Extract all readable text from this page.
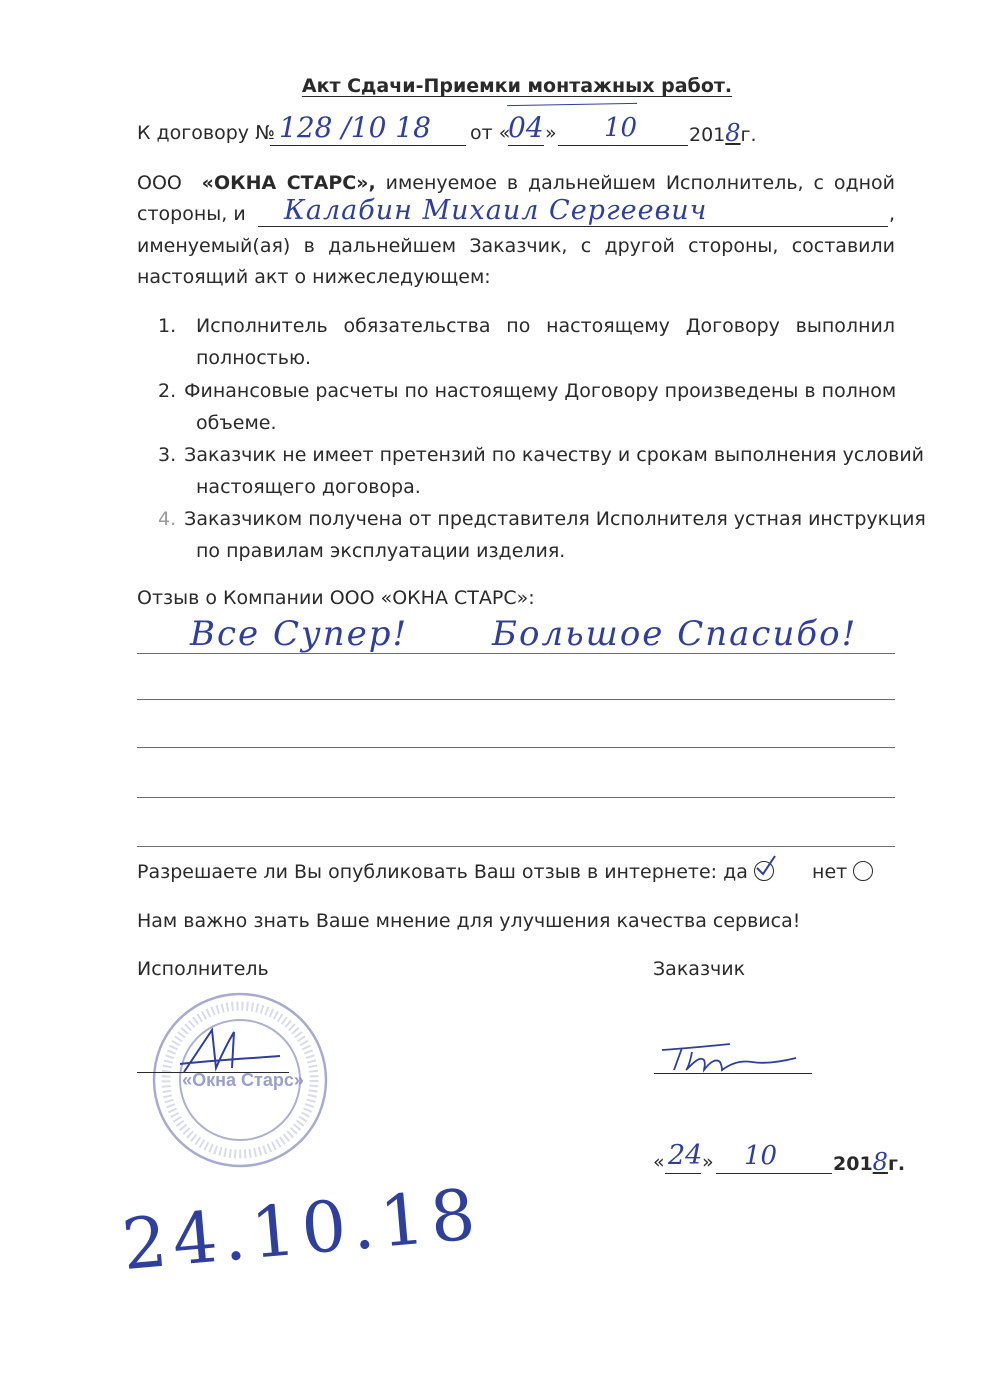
Акт Сдачи-Приемки монтажных работ.
К договору № 128 /10 18 от «
04 » 10	2018г.
ООО «ОКНА СТАРС», именуемое в дальнейшем Исполнитель, с одной
стороны, и Калабин Михаил Сергеевич	,
именуемый(ая) в дальнейшем Заказчик, с другой стороны, составили
настоящий акт о нижеследующем:
1.	Исполнитель обязательства по настоящему Договору выполнил
полностью.
2. Финансовые расчеты по настоящему Договору произведены в полном
объеме.
3. Заказчик не имеет претензий по качеству и срокам выполнения условий
настоящего договора.
4. Заказчиком получена от представителя Исполнителя устная инструкция
по правилам эксплуатации изделия.
Отзыв о Компании ООО «ОКНА СТАРС»:
Все Супер! Большое Спасибо!
Разрешаете ли Вы опубликовать Ваш отзыв в интернете: да	нет
Нам важно знать Ваше мнение для улучшения качества сервиса!
Исполнитель	Заказчик
«Окна Старс»
« 24 » 10	2018г.
24.10.18
